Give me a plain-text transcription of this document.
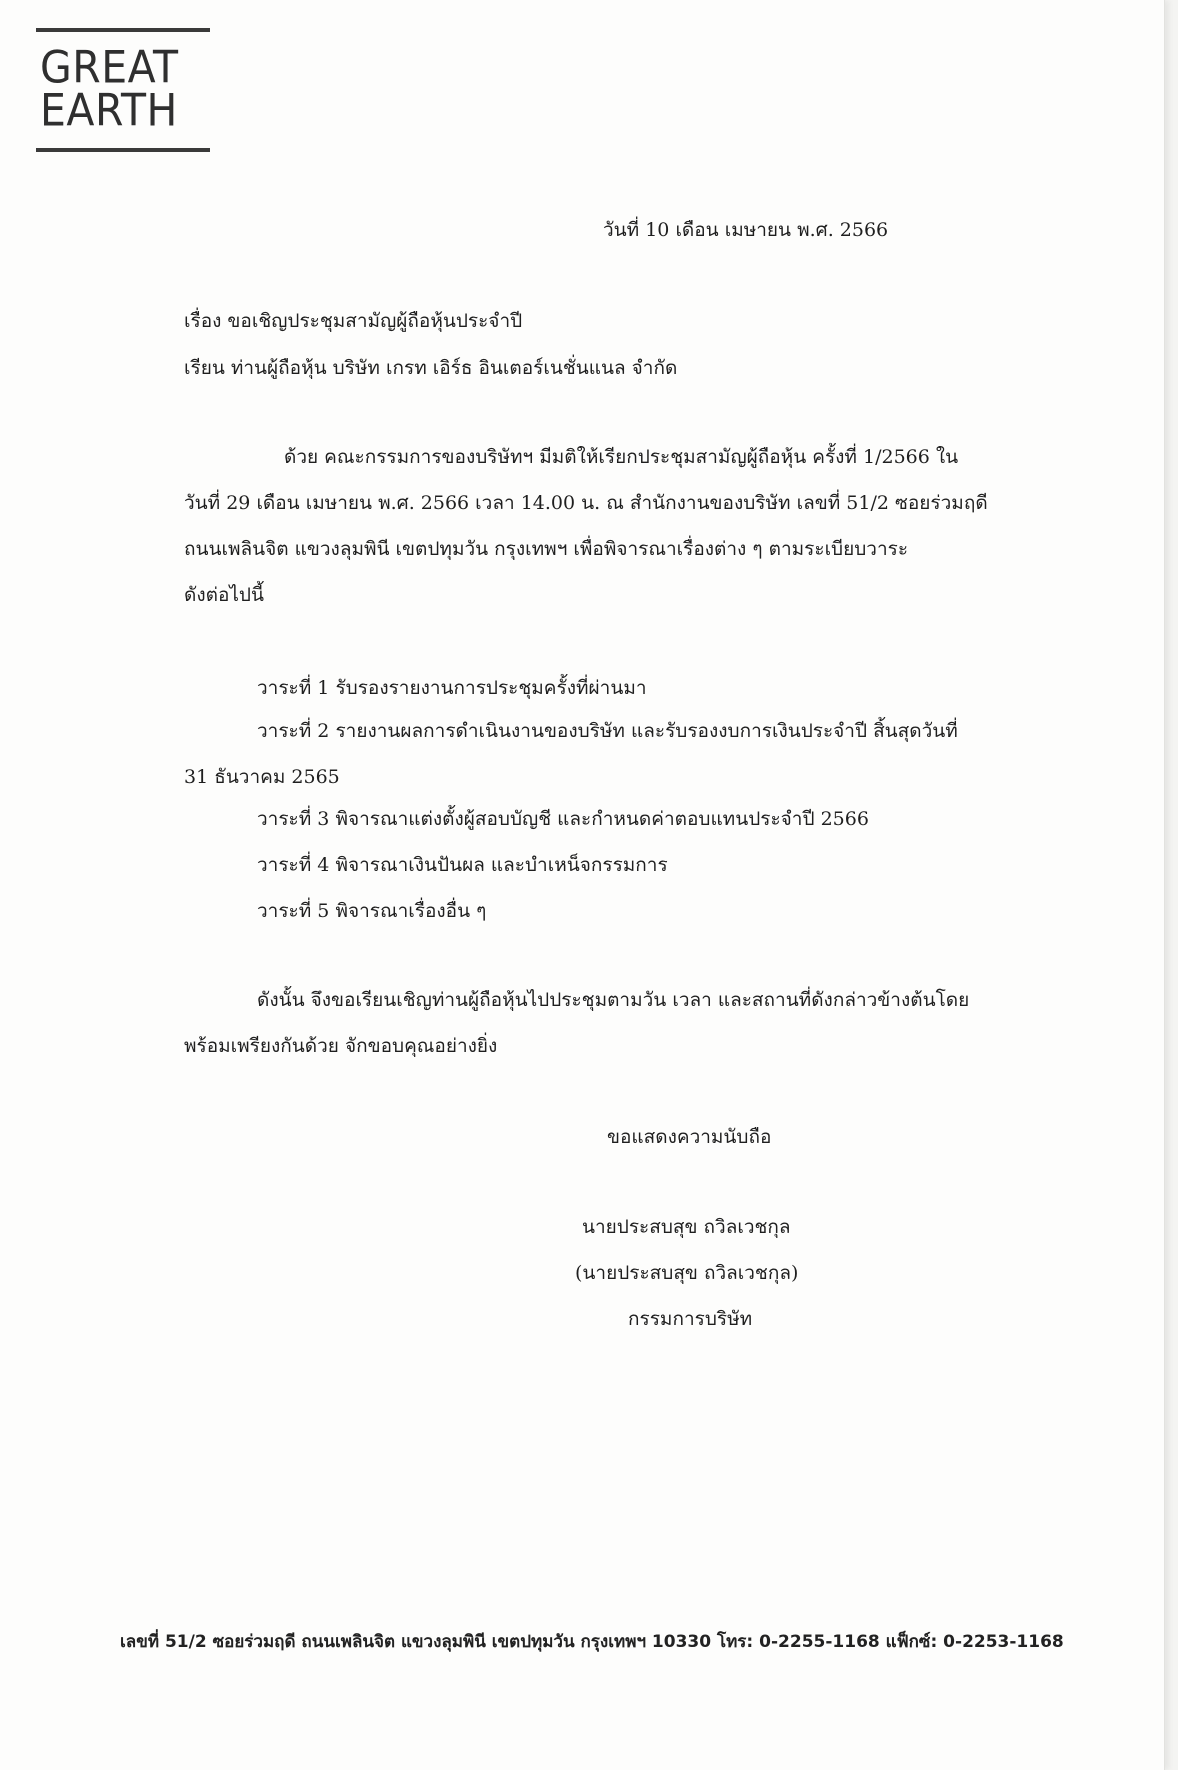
GREAT
EARTH
วันที่ 10 เดือน เมษายน พ.ศ. 2566
เรื่อง ขอเชิญประชุมสามัญผู้ถือหุ้นประจำปี
เรียน ท่านผู้ถือหุ้น บริษัท เกรท เอิร์ธ อินเตอร์เนชั่นแนล จำกัด
ด้วย คณะกรรมการของบริษัทฯ มีมติให้เรียกประชุมสามัญผู้ถือหุ้น ครั้งที่ 1/2566 ใน
วันที่ 29 เดือน เมษายน พ.ศ. 2566 เวลา 14.00 น. ณ สำนักงานของบริษัท เลขที่ 51/2 ซอยร่วมฤดี
ถนนเพลินจิต แขวงลุมพินี เขตปทุมวัน กรุงเทพฯ เพื่อพิจารณาเรื่องต่าง ๆ ตามระเบียบวาระ
ดังต่อไปนี้
วาระที่ 1 รับรองรายงานการประชุมครั้งที่ผ่านมา
วาระที่ 2 รายงานผลการดำเนินงานของบริษัท และรับรองงบการเงินประจำปี สิ้นสุดวันที่
31 ธันวาคม 2565
วาระที่ 3 พิจารณาแต่งตั้งผู้สอบบัญชี และกำหนดค่าตอบแทนประจำปี 2566
วาระที่ 4 พิจารณาเงินปันผล และบำเหน็จกรรมการ
วาระที่ 5 พิจารณาเรื่องอื่น ๆ
ดังนั้น จึงขอเรียนเชิญท่านผู้ถือหุ้นไปประชุมตามวัน เวลา และสถานที่ดังกล่าวข้างต้นโดย
พร้อมเพรียงกันด้วย จักขอบคุณอย่างยิ่ง
ขอแสดงความนับถือ
นายประสบสุข ถวิลเวชกุล
(นายประสบสุข ถวิลเวชกุล)
กรรมการบริษัท
เลขที่ 51/2 ซอยร่วมฤดี ถนนเพลินจิต แขวงลุมพินี เขตปทุมวัน กรุงเทพฯ 10330 โทร: 0-2255-1168 แฟ็กซ์: 0-2253-1168
